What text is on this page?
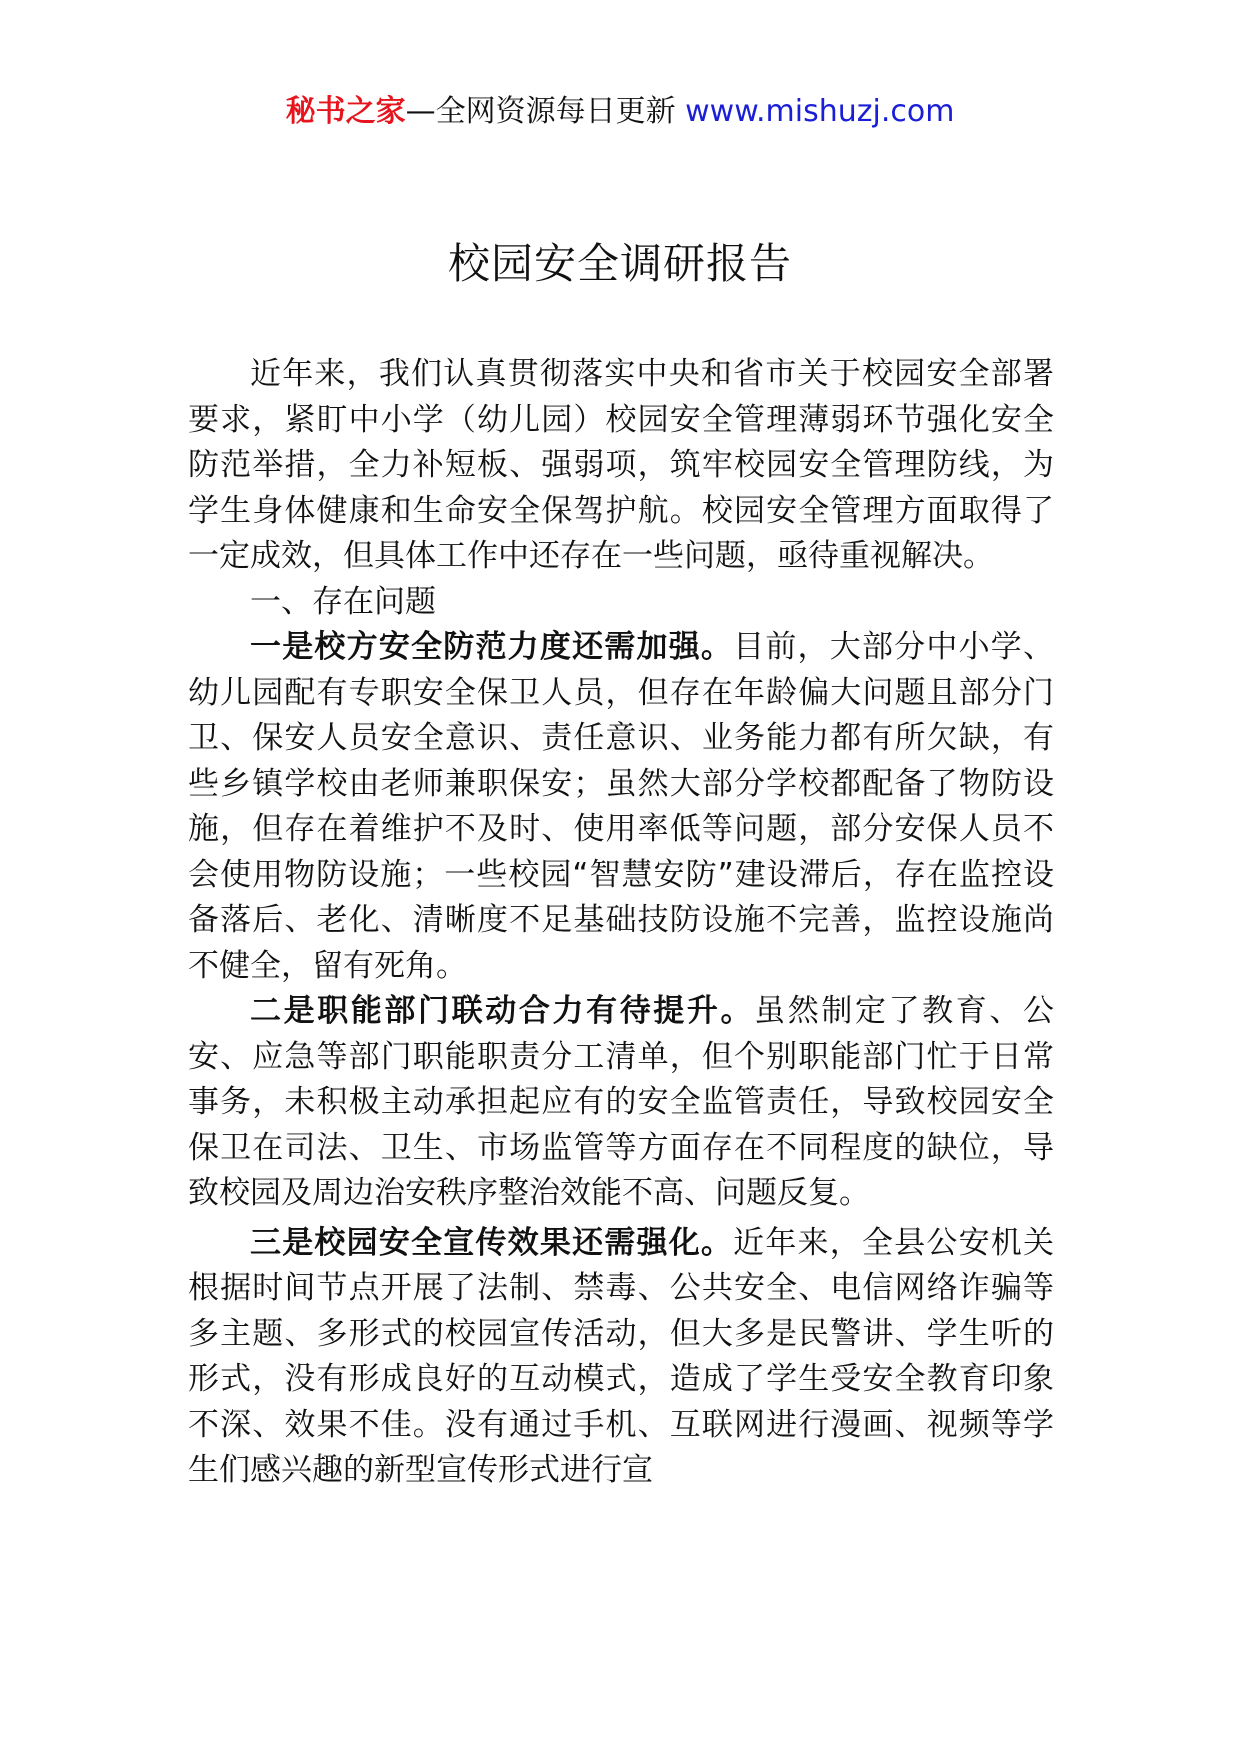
秘书之家—全网资源每日更新 www.mishuzj.com
校园安全调研报告

近年来，我们认真贯彻落实中央和省市关于校园安全部署要求，紧盯中小学（幼儿园）校园安全管理薄弱环节强化安全防范举措，全力补短板、强弱项，筑牢校园安全管理防线，为学生身体健康和生命安全保驾护航。校园安全管理方面取得了一定成效，但具体工作中还存在一些问题，亟待重视解决。

一、存在问题

一是校方安全防范力度还需加强。目前，大部分中小学、幼儿园配有专职安全保卫人员，但存在年龄偏大问题且部分门卫、保安人员安全意识、责任意识、业务能力都有所欠缺，有些乡镇学校由老师兼职保安；虽然大部分学校都配备了物防设施，但存在着维护不及时、使用率低等问题，部分安保人员不会使用物防设施；一些校园“智慧安防”建设滞后，存在监控设备落后、老化、清晰度不足基础技防设施不完善，监控设施尚不健全，留有死角。

二是职能部门联动合力有待提升。虽然制定了教育、公安、应急等部门职能职责分工清单，但个别职能部门忙于日常事务，未积极主动承担起应有的安全监管责任，导致校园安全保卫在司法、卫生、市场监管等方面存在不同程度的缺位，导致校园及周边治安秩序整治效能不高、问题反复。

三是校园安全宣传效果还需强化。近年来，全县公安机关根据时间节点开展了法制、禁毒、公共安全、电信网络诈骗等多主题、多形式的校园宣传活动，但大多是民警讲、学生听的形式，没有形成良好的互动模式，造成了学生受安全教育印象不深、效果不佳。没有通过手机、互联网进行漫画、视频等学生们感兴趣的新型宣传形式进行宣
